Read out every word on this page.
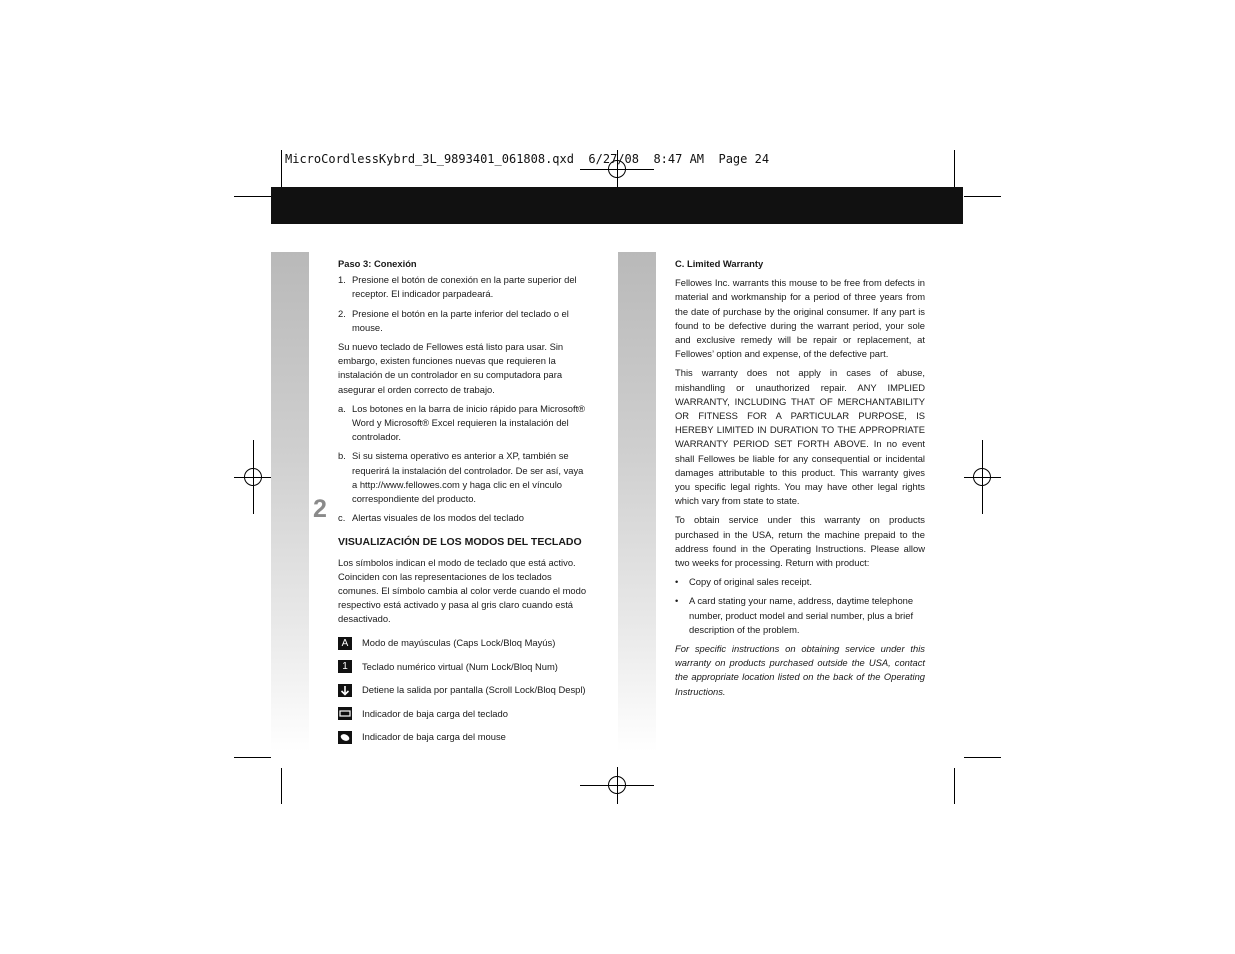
MicroCordlessKybrd_3L_9893401_061808.qxd  6/27/08  8:47 AM  Page 24
Paso 3: Conexión
1. Presione el botón de conexión en la parte superior del receptor. El indicador parpadeará.
2. Presione el botón en la parte inferior del teclado o el mouse.

Su nuevo teclado de Fellowes está listo para usar. Sin embargo, existen funciones nuevas que requieren la instalación de un controlador en su computadora para asegurar el orden correcto de trabajo.

a. Los botones en la barra de inicio rápido para Microsoft® Word y Microsoft® Excel requieren la instalación del controlador.
b. Si su sistema operativo es anterior a XP, también se requerirá la instalación del controlador. De ser así, vaya a http://www.fellowes.com y haga clic en el vínculo correspondiente del producto.
c. Alertas visuales de los modos del teclado
VISUALIZACIÓN DE LOS MODOS DEL TECLADO

Los símbolos indican el modo de teclado que está activo. Coinciden con las representaciones de los teclados comunes. El símbolo cambia al color verde cuando el modo respectivo está activado y pasa al gris claro cuando está desactivado.

A	Modo de mayúsculas (Caps Lock/Bloq Mayús)
1	Teclado numérico virtual (Num Lock/Bloq Num)
Detiene la salida por pantalla (Scroll Lock/Bloq Despl)
Indicador de baja carga del teclado
Indicador de baja carga del mouse
2
C. Limited Warranty

Fellowes Inc. warrants this mouse to be free from defects in material and workmanship for a period of three years from the date of purchase by the original consumer. If any part is found to be defective during the warrant period, your sole and exclusive remedy will be repair or replacement, at Fellowes’ option and expense, of the defective part.

This warranty does not apply in cases of abuse, mishandling or unauthorized repair. ANY IMPLIED WARRANTY, INCLUDING THAT OF MERCHANTABILITY OR FITNESS FOR A PARTICULAR PURPOSE, IS HEREBY LIMITED IN DURATION TO THE APPROPRIATE WARRANTY PERIOD SET FORTH ABOVE. In no event shall Fellowes be liable for any consequential or incidental damages attributable to this product. This warranty gives you specific legal rights. You may have other legal rights which vary from state to state.

To obtain service under this warranty on products purchased in the USA, return the machine prepaid to the address found in the Operating Instructions. Please allow two weeks for processing. Return with product:

•	Copy of original sales receipt.
•	A card stating your name, address, daytime telephone number, product model and serial number, plus a brief description of the problem.

For specific instructions on obtaining service under this warranty on products purchased outside the USA, contact the appropriate location listed on the back of the Operating Instructions.
